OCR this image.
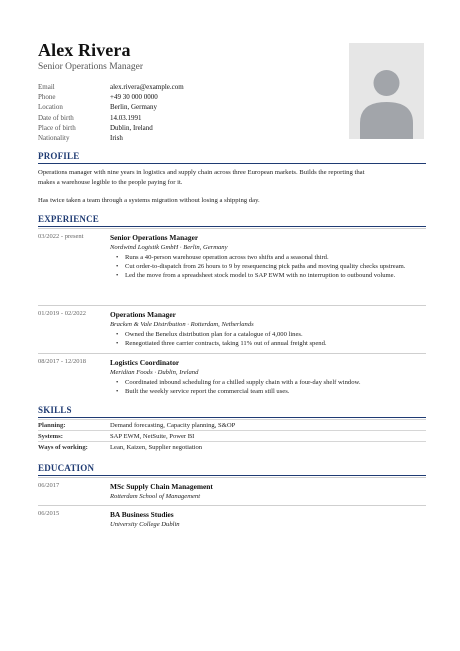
Alex Rivera
Senior Operations Manager
Email	alex.rivera@example.com
Phone	+49 30 000 0000
Location	Berlin, Germany
Date of birth	14.03.1991
Place of birth	Dublin, Ireland
Nationality	Irish
PROFILE
Operations manager with nine years in logistics and supply chain across three European markets. Builds the reporting that makes a warehouse legible to the people paying for it.
Has twice taken a team through a systems migration without losing a shipping day.
EXPERIENCE
03/2022 - present	Senior Operations Manager
Nordwind Logistik GmbH · Berlin, Germany
• Runs a 40-person warehouse operation across two shifts and a seasonal third.
• Cut order-to-dispatch from 26 hours to 9 by resequencing pick paths and moving quality checks upstream.
• Led the move from a spreadsheet stock model to SAP EWM with no interruption to outbound volume.
01/2019 - 02/2022	Operations Manager
Bracken & Vale Distribution · Rotterdam, Netherlands
• Owned the Benelux distribution plan for a catalogue of 4,000 lines.
• Renegotiated three carrier contracts, taking 11% out of annual freight spend.
08/2017 - 12/2018	Logistics Coordinator
Meridian Foods · Dublin, Ireland
• Coordinated inbound scheduling for a chilled supply chain with a four-day shelf window.
• Built the weekly service report the commercial team still uses.
SKILLS
Planning:	Demand forecasting, Capacity planning, S&OP
Systems:	SAP EWM, NetSuite, Power BI
Ways of working:	Lean, Kaizen, Supplier negotiation
EDUCATION
06/2017	MSc Supply Chain Management
Rotterdam School of Management
06/2015	BA Business Studies
University College Dublin
